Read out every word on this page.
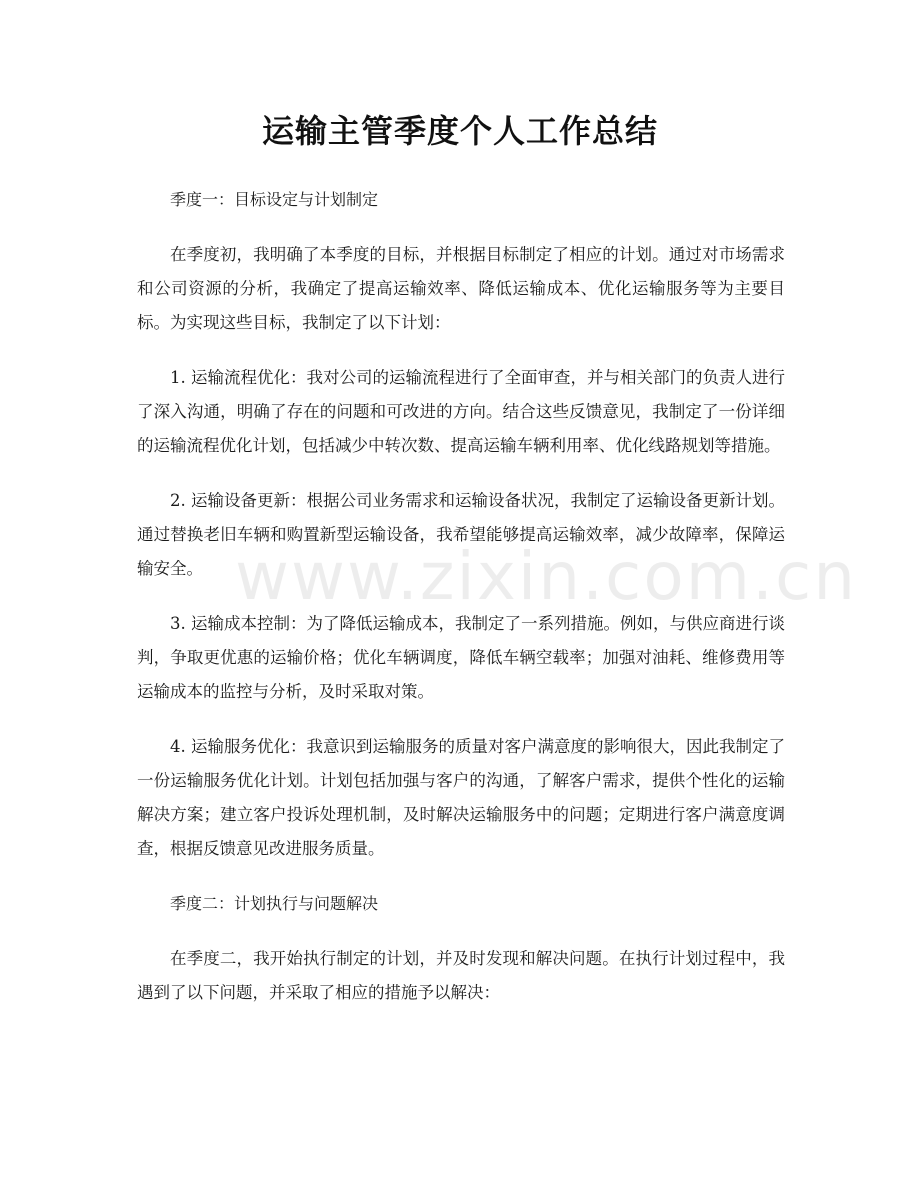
www.zixin.com.cn
运输主管季度个人工作总结

季度一：目标设定与计划制定

在季度初，我明确了本季度的目标，并根据目标制定了相应的计划。通过对市场需求和公司资源的分析，我确定了提高运输效率、降低运输成本、优化运输服务等为主要目标。为实现这些目标，我制定了以下计划：

1. 运输流程优化：我对公司的运输流程进行了全面审查，并与相关部门的负责人进行了深入沟通，明确了存在的问题和可改进的方向。结合这些反馈意见，我制定了一份详细的运输流程优化计划，包括减少中转次数、提高运输车辆利用率、优化线路规划等措施。

2. 运输设备更新：根据公司业务需求和运输设备状况，我制定了运输设备更新计划。通过替换老旧车辆和购置新型运输设备，我希望能够提高运输效率，减少故障率，保障运输安全。

3. 运输成本控制：为了降低运输成本，我制定了一系列措施。例如，与供应商进行谈判，争取更优惠的运输价格；优化车辆调度，降低车辆空载率；加强对油耗、维修费用等运输成本的监控与分析，及时采取对策。

4. 运输服务优化：我意识到运输服务的质量对客户满意度的影响很大，因此我制定了一份运输服务优化计划。计划包括加强与客户的沟通，了解客户需求，提供个性化的运输解决方案；建立客户投诉处理机制，及时解决运输服务中的问题；定期进行客户满意度调查，根据反馈意见改进服务质量。

季度二：计划执行与问题解决

在季度二，我开始执行制定的计划，并及时发现和解决问题。在执行计划过程中，我遇到了以下问题，并采取了相应的措施予以解决：
